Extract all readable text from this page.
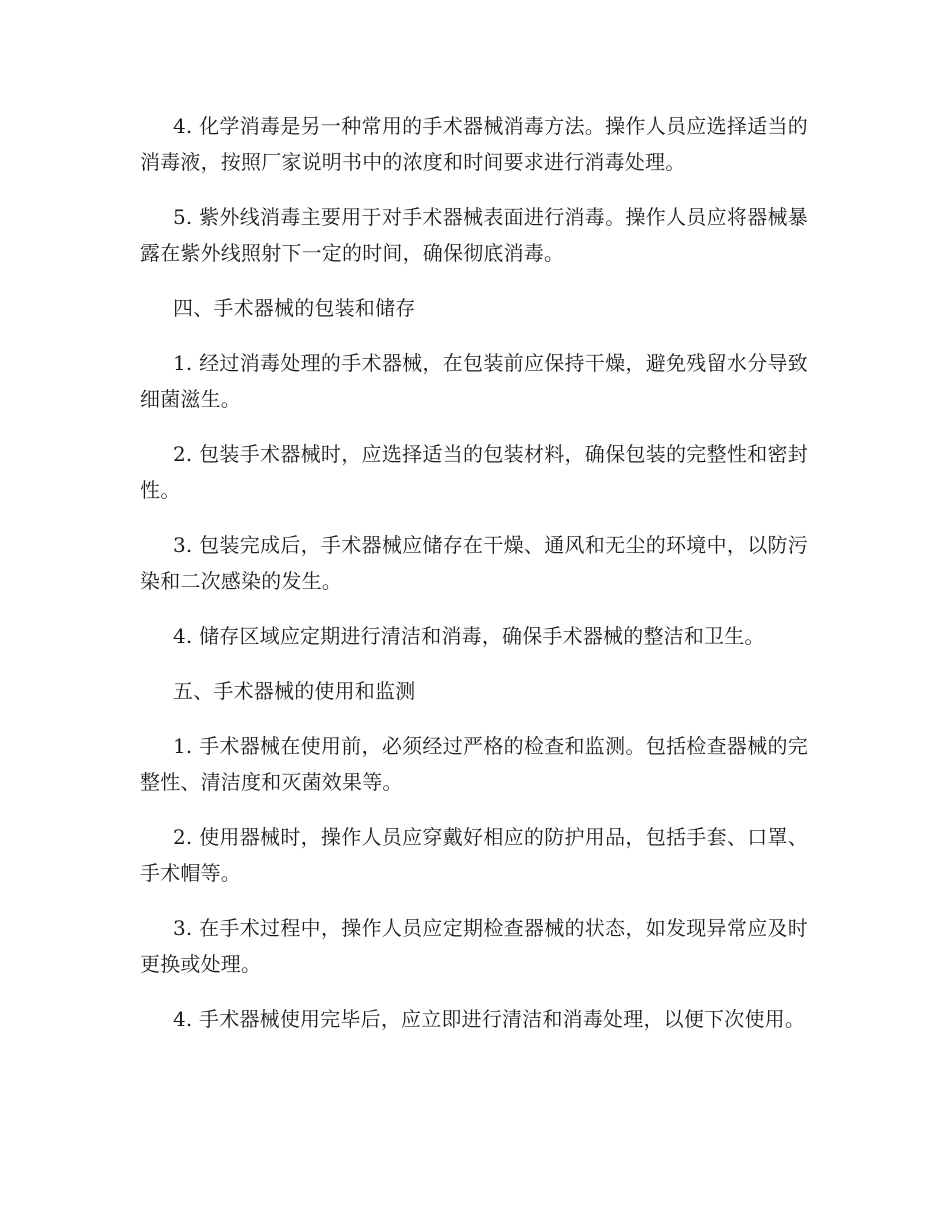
4. 化学消毒是另一种常用的手术器械消毒方法。操作人员应选择适当的消毒液，按照厂家说明书中的浓度和时间要求进行消毒处理。

5. 紫外线消毒主要用于对手术器械表面进行消毒。操作人员应将器械暴露在紫外线照射下一定的时间，确保彻底消毒。

四、手术器械的包装和储存

1. 经过消毒处理的手术器械，在包装前应保持干燥，避免残留水分导致细菌滋生。

2. 包装手术器械时，应选择适当的包装材料，确保包装的完整性和密封性。

3. 包装完成后，手术器械应储存在干燥、通风和无尘的环境中，以防污染和二次感染的发生。

4. 储存区域应定期进行清洁和消毒，确保手术器械的整洁和卫生。

五、手术器械的使用和监测

1. 手术器械在使用前，必须经过严格的检查和监测。包括检查器械的完整性、清洁度和灭菌效果等。

2. 使用器械时，操作人员应穿戴好相应的防护用品，包括手套、口罩、手术帽等。

3. 在手术过程中，操作人员应定期检查器械的状态，如发现异常应及时更换或处理。

4. 手术器械使用完毕后，应立即进行清洁和消毒处理，以便下次使用。
